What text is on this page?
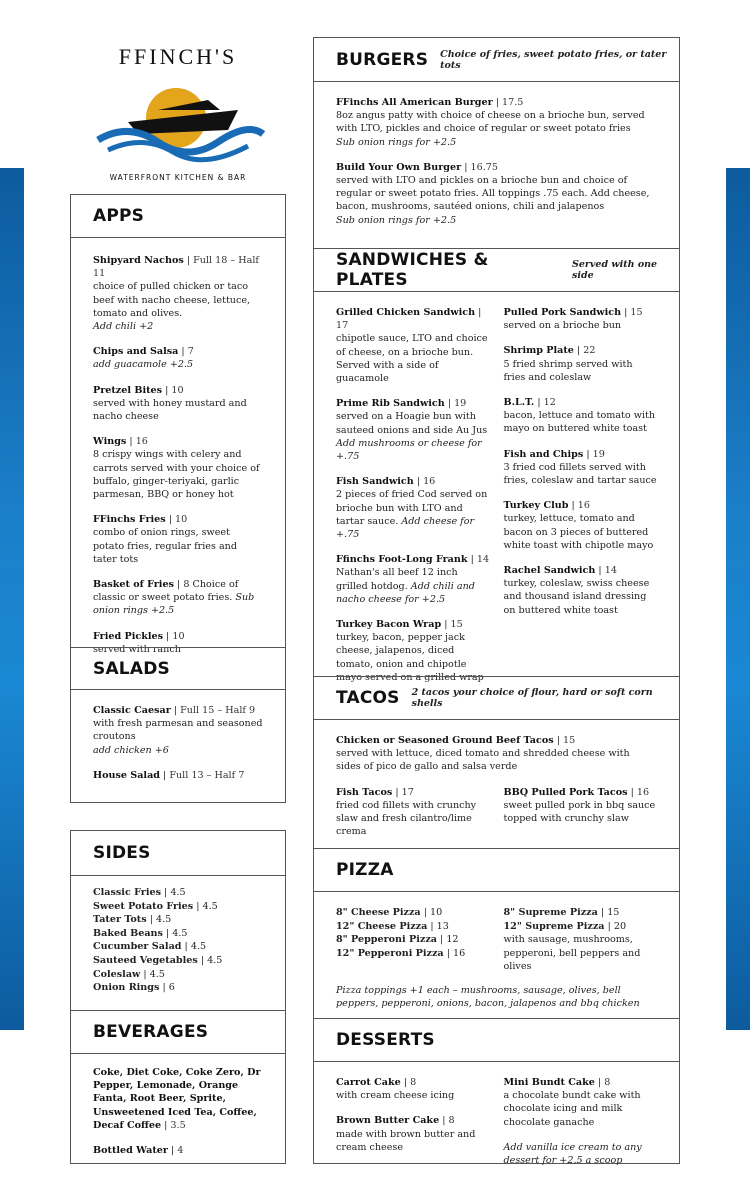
FFINCH'S
WATERFRONT KITCHEN & BAR
APPS
Shipyard Nachos | Full 18 – Half 11
choice of pulled chicken or taco beef with nacho cheese, lettuce, tomato and olives.
Add chili +2
Chips and Salsa | 7
add guacamole +2.5
Pretzel Bites | 10
served with honey mustard and nacho cheese
Wings | 16
8 crispy wings with celery and carrots served with your choice of buffalo, ginger-teriyaki, garlic parmesan, BBQ or honey hot
FFinchs Fries | 10
combo of onion rings, sweet potato fries, regular fries and tater tots
Basket of Fries | 8 Choice of classic or sweet potato fries. Sub onion rings +2.5
Fried Pickles | 10
served with ranch
SALADS
Classic Caesar | Full 15 – Half 9
with fresh parmesan and seasoned croutons
add chicken +6
House Salad | Full 13 – Half 7
SIDES
Classic Fries | 4.5
Sweet Potato Fries | 4.5
Tater Tots | 4.5
Baked Beans | 4.5
Cucumber Salad | 4.5
Sauteed Vegetables | 4.5
Coleslaw | 4.5
Onion Rings | 6
BEVERAGES
Coke, Diet Coke, Coke Zero, Dr Pepper, Lemonade, Orange Fanta, Root Beer, Sprite, Unsweetened Iced Tea, Coffee, Decaf Coffee | 3.5
Bottled Water | 4
BURGERS Choice of fries, sweet potato fries, or tater tots
FFinchs All American Burger | 17.5
8oz angus patty with choice of cheese on a brioche bun, served with LTO, pickles and choice of regular or sweet potato fries
Sub onion rings for +2.5
Build Your Own Burger | 16.75
served with LTO and pickles on a brioche bun and choice of regular or sweet potato fries. All toppings .75 each. Add cheese, bacon, mushrooms, sautéed onions, chili and jalapenos
Sub onion rings for +2.5
SANDWICHES & PLATES
Served with one side
Grilled Chicken Sandwich | 17
chipotle sauce, LTO and choice of cheese, on a brioche bun. Served with a side of guacamole
Prime Rib Sandwich | 19
served on a Hoagie bun with sauteed onions and side Au Jus
Add mushrooms or cheese for +.75
Fish Sandwich | 16
2 pieces of fried Cod served on brioche bun with LTO and tartar sauce. Add cheese for +.75
Ffinchs Foot-Long Frank | 14
Nathan's all beef 12 inch grilled hotdog. Add chili and nacho cheese for +2.5
Turkey Bacon Wrap | 15
turkey, bacon, pepper jack cheese, jalapenos, diced tomato, onion and chipotle mayo served on a grilled wrap
Pulled Pork Sandwich | 15
served on a brioche bun
Shrimp Plate | 22
5 fried shrimp served with fries and coleslaw
B.L.T. | 12
bacon, lettuce and tomato with mayo on buttered white toast
Fish and Chips | 19
3 fried cod fillets served with fries, coleslaw and tartar sauce
Turkey Club | 16
turkey, lettuce, tomato and bacon on 3 pieces of buttered white toast with chipotle mayo
Rachel Sandwich | 14
turkey, coleslaw, swiss cheese and thousand island dressing on buttered white toast
TACOS 2 tacos your choice of flour, hard or soft corn shells
Chicken or Seasoned Ground Beef Tacos | 15
served with lettuce, diced tomato and shredded cheese with sides of pico de gallo and salsa verde
Fish Tacos | 17
fried cod fillets with crunchy slaw and fresh cilantro/lime crema
BBQ Pulled Pork Tacos | 16
sweet pulled pork in bbq sauce topped with crunchy slaw
PIZZA
8" Cheese Pizza | 10
12" Cheese Pizza | 13
8" Pepperoni Pizza | 12
12" Pepperoni Pizza | 16
8" Supreme Pizza | 15
12" Supreme Pizza | 20
with sausage, mushrooms, pepperoni, bell peppers and olives
Pizza toppings +1 each – mushrooms, sausage, olives, bell peppers, pepperoni, onions, bacon, jalapenos and bbq chicken
DESSERTS
Carrot Cake | 8
with cream cheese icing
Brown Butter Cake | 8
made with brown butter and cream cheese
Mini Bundt Cake | 8
a chocolate bundt cake with chocolate icing and milk chocolate ganache
Add vanilla ice cream to any dessert for +2.5 a scoop
